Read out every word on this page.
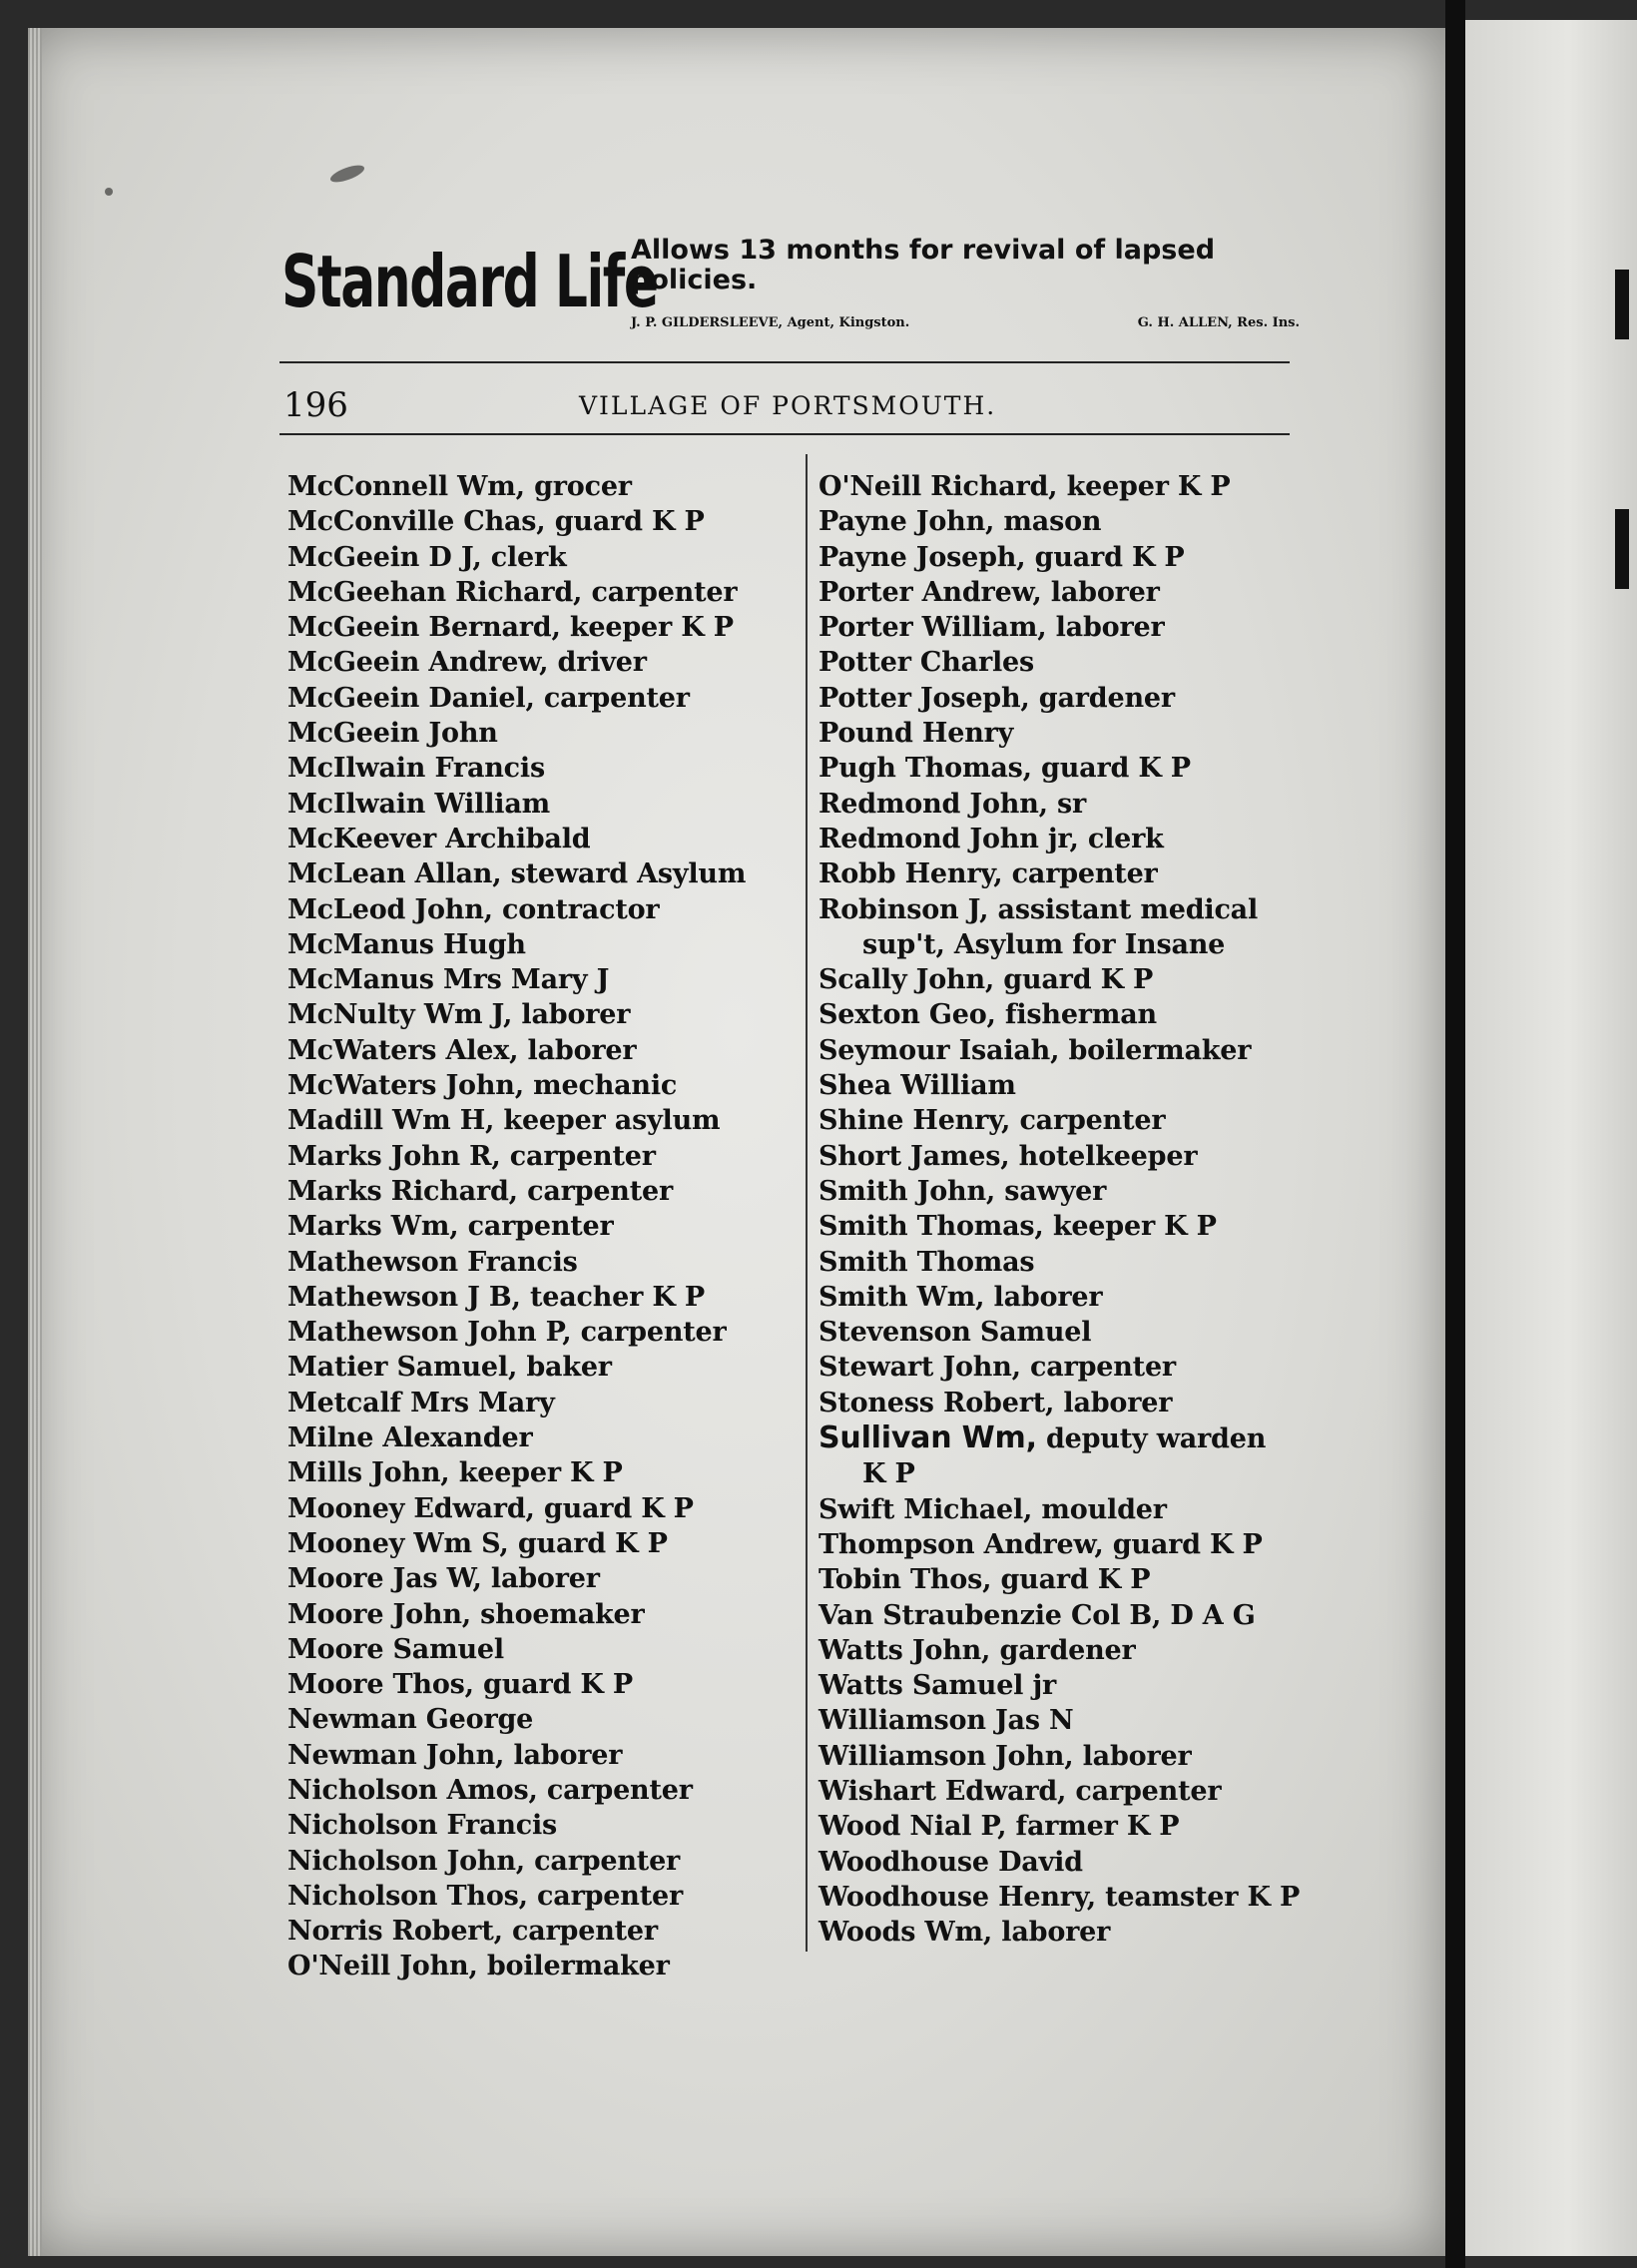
Standard Life
Allows 13 months for revival of lapsed policies.
J. P. GILDERSLEEVE, Agent, Kingston.	G. H. ALLEN, Res. Ins.
196	VILLAGE OF PORTSMOUTH.
McConnell Wm, grocer
McConville Chas, guard K P
McGeein D J, clerk
McGeehan Richard, carpenter
McGeein Bernard, keeper K P
McGeein Andrew, driver
McGeein Daniel, carpenter
McGeein John
McIlwain Francis
McIlwain William
McKeever Archibald
McLean Allan, steward Asylum
McLeod John, contractor
McManus Hugh
McManus Mrs Mary J
McNulty Wm J, laborer
McWaters Alex, laborer
McWaters John, mechanic
Madill Wm H, keeper asylum
Marks John R, carpenter
Marks Richard, carpenter
Marks Wm, carpenter
Mathewson Francis
Mathewson J B, teacher K P
Mathewson John P, carpenter
Matier Samuel, baker
Metcalf Mrs Mary
Milne Alexander
Mills John, keeper K P
Mooney Edward, guard K P
Mooney Wm S, guard K P
Moore Jas W, laborer
Moore John, shoemaker
Moore Samuel
Moore Thos, guard K P
Newman George
Newman John, laborer
Nicholson Amos, carpenter
Nicholson Francis
Nicholson John, carpenter
Nicholson Thos, carpenter
Norris Robert, carpenter
O'Neill John, boilermaker
O'Neill Richard, keeper K P
Payne John, mason
Payne Joseph, guard K P
Porter Andrew, laborer
Porter William, laborer
Potter Charles
Potter Joseph, gardener
Pound Henry
Pugh Thomas, guard K P
Redmond John, sr
Redmond John jr, clerk
Robb Henry, carpenter
Robinson J, assistant medical
sup't, Asylum for Insane
Scally John, guard K P
Sexton Geo, fisherman
Seymour Isaiah, boilermaker
Shea William
Shine Henry, carpenter
Short James, hotelkeeper
Smith John, sawyer
Smith Thomas, keeper K P
Smith Thomas
Smith Wm, laborer
Stevenson Samuel
Stewart John, carpenter
Stoness Robert, laborer
Sullivan Wm, deputy warden
K P
Swift Michael, moulder
Thompson Andrew, guard K P
Tobin Thos, guard K P
Van Straubenzie Col B, D A G
Watts John, gardener
Watts Samuel jr
Williamson Jas N
Williamson John, laborer
Wishart Edward, carpenter
Wood Nial P, farmer K P
Woodhouse David
Woodhouse Henry, teamster K P
Woods Wm, laborer
